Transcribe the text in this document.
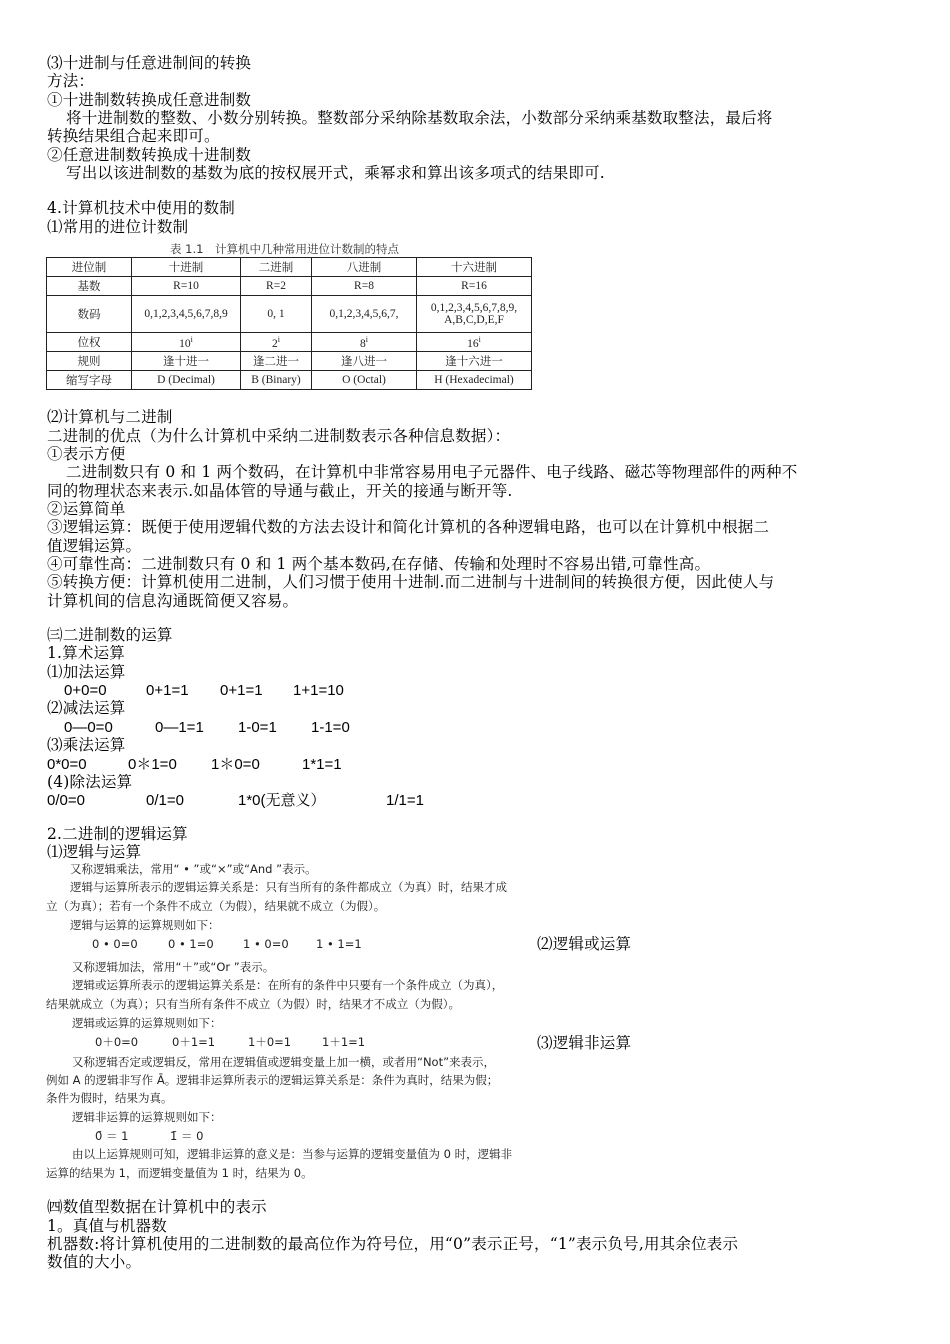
⑶十进制与任意进制间的转换
方法：
①十进制数转换成任意进制数
将十进制数的整数、小数分别转换。整数部分采纳除基数取余法，小数部分采纳乘基数取整法，最后将
转换结果组合起来即可。
②任意进制数转换成十进制数
写出以该进制数的基数为底的按权展开式，乘幂求和算出该多项式的结果即可.
4.计算机技术中使用的数制
⑴常用的进位计数制
表 1.1　计算机中几种常用进位计数制的特点
进位制	十进制	二进制	八进制	十六进制
基数	R=10	R=2	R=8	R=16
数码	0,1,2,3,4,5,6,7,8,9	0, 1	0,1,2,3,4,5,6,7,	0,1,2,3,4,5,6,7,8,9,
A,B,C,D,E,F

位权	10$^i$	2$^i$	8$^i$	16$^i$
规则	逢十进一	逢二进一	逢八进一	逢十六进一
缩写字母	D (Decimal)	B (Binary)	O (Octal)	H (Hexadecimal)
⑵计算机与二进制
二进制的优点（为什么计算机中采纳二进制数表示各种信息数据）：
①表示方便
二进制数只有 0 和 1 两个数码，在计算机中非常容易用电子元器件、电子线路、磁芯等物理部件的两种不
同的物理状态来表示.如晶体管的导通与截止，开关的接通与断开等.
②运算简单
③逻辑运算：既便于使用逻辑代数的方法去设计和简化计算机的各种逻辑电路，也可以在计算机中根据二
值逻辑运算。
④可靠性高：二进制数只有 0 和 1 两个基本数码,在存储、传输和处理时不容易出错,可靠性高。
⑤转换方便：计算机使用二进制，人们习惯于使用十进制.而二进制与十进制间的转换很方便，因此使人与
计算机间的信息沟通既简便又容易。
㈢二进制数的运算
1.算术运算
⑴加法运算
0+0=0	0+1=1 0+1=1 1+1=10
⑵减法运算
0—0=0	0—1=1 1-0=1 1-1=0
⑶乘法运算
0*0=0	0＊1=0 1＊0=0	1*1=1
(4)除法运算
0/0=0	0/1=0	1*0(无意义）	1/1=1
2.二进制的逻辑运算
⑴逻辑与运算
又称逻辑乘法，常用“ • ”或“×”或“And ”表示。
逻辑与运算所表示的逻辑运算关系是：只有当所有的条件都成立（为真）时，结果才成
立（为真）；若有一个条件不成立（为假），结果就不成立（为假）。
逻辑与运算的运算规则如下：
0 • 0=0	0 • 1=0	1 • 0=0 1 • 1=1	⑵逻辑或运算
又称逻辑加法，常用“＋”或“Or ”表示。
逻辑或运算所表示的逻辑运算关系是：在所有的条件中只要有一个条件成立（为真），
结果就成立（为真）；只有当所有条件不成立（为假）时，结果才不成立（为假）。
逻辑或运算的运算规则如下：
0＋0=0	0＋1=1	1＋0=1	1＋1=1	⑶逻辑非运算
又称逻辑否定或逻辑反，常用在逻辑值或逻辑变量上加一横，或者用“Not”来表示，
例如 A 的逻辑非写作 Ā。逻辑非运算所表示的逻辑运算关系是：条件为真时，结果为假；
条件为假时，结果为真。
逻辑非运算的运算规则如下：
0̄ ＝ 1	1̄ ＝ 0
由以上运算规则可知，逻辑非运算的意义是：当参与运算的逻辑变量值为 0 时，逻辑非
运算的结果为 1，而逻辑变量值为 1 时，结果为 0。
㈣数值型数据在计算机中的表示
1。真值与机器数
机器数:将计算机使用的二进制数的最高位作为符号位，用“0”表示正号，“1”表示负号,用其余位表示
数值的大小。
